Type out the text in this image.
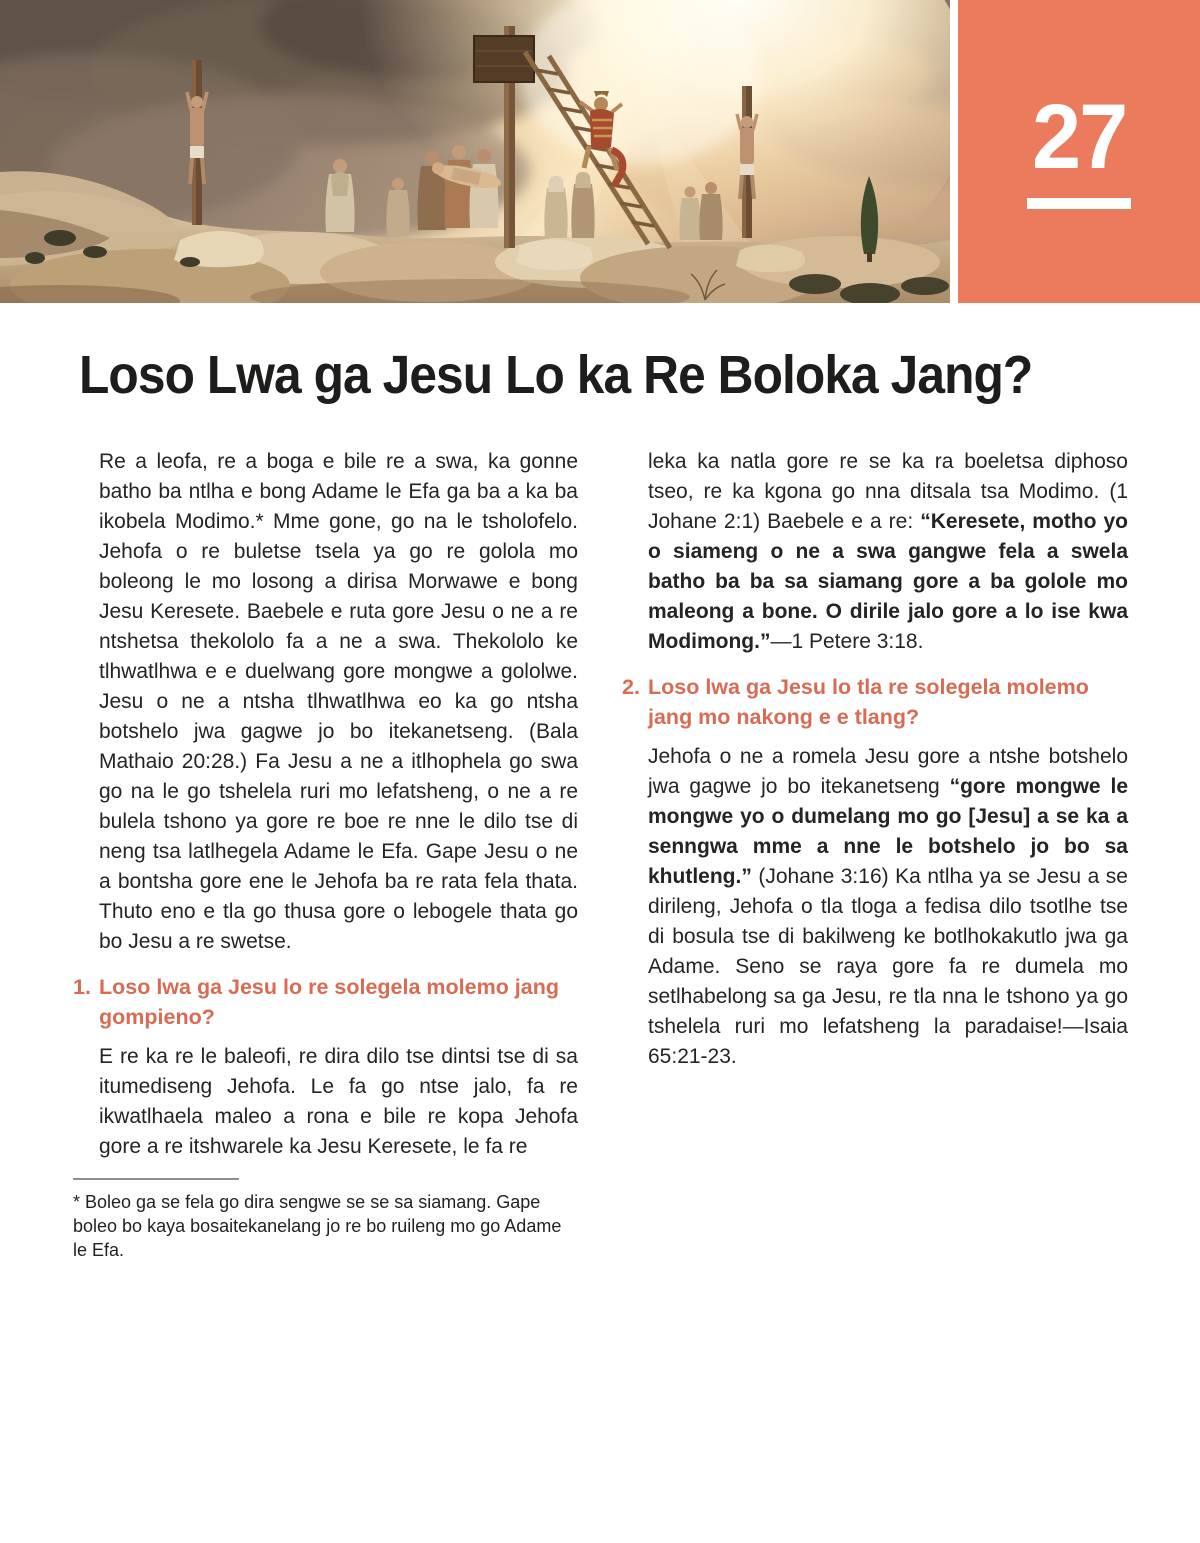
27
Loso Lwa ga Jesu Lo ka Re Boloka Jang?

Re a leofa, re a boga e bile re a swa, ka gonne batho ba ntlha e bong Adame le Efa ga ba a ka ba ikobela Modimo.* Mme gone, go na le tsholofelo. Jehofa o re buletse tsela ya go re golola mo boleong le mo losong a dirisa Morwawe e bong Jesu Keresete. Baebele e ruta gore Jesu o ne a re ntshetsa thekololo fa a ne a swa. Thekololo ke tlhwatlhwa e e duelwang gore mongwe a gololwe. Jesu o ne a ntsha tlhwatlhwa eo ka go ntsha botshelo jwa gagwe jo bo itekanetseng. (Bala Mathaio 20:28.) Fa Jesu a ne a itlhophela go swa go na le go tshelela ruri mo lefatsheng, o ne a re bulela tshono ya gore re boe re nne le dilo tse di neng tsa latlhegela Adame le Efa. Gape Jesu o ne a bontsha gore ene le Jehofa ba re rata fela thata. Thuto eno e tla go thusa gore o lebogele thata go bo Jesu a re swetse.

1. Loso lwa ga Jesu lo re solegela molemo jang gompieno?

E re ka re le baleofi, re dira dilo tse dintsi tse di sa itumediseng Jehofa. Le fa go ntse jalo, fa re ikwatlhaela maleo a rona e bile re kopa Jehofa gore a re itshwarele ka Jesu Keresete, le fa re

* Boleo ga se fela go dira sengwe se se sa siamang. Gape boleo bo kaya bosaitekanelang jo re bo ruileng mo go Adame le Efa.

leka ka natla gore re se ka ra boeletsa diphoso tseo, re ka kgona go nna ditsala tsa Modimo. (1 Johane 2:1) Baebele e a re: “Keresete, motho yo o siameng o ne a swa gangwe fela a swela batho ba ba sa siamang gore a ba golole mo maleong a bone. O dirile jalo gore a lo ise kwa Modimong.”—1 Petere 3:18.

2. Loso lwa ga Jesu lo tla re solegela molemo jang mo nakong e e tlang?

Jehofa o ne a romela Jesu gore a ntshe botshelo jwa gagwe jo bo itekanetseng “gore mongwe le mongwe yo o dumelang mo go [Jesu] a se ka a senngwa mme a nne le botshelo jo bo sa khutleng.” (Johane 3:16) Ka ntlha ya se Jesu a se dirileng, Jehofa o tla tloga a fedisa dilo tsotlhe tse di bosula tse di bakilweng ke botlhokakutlo jwa ga Adame. Seno se raya gore fa re dumela mo setlhabelong sa ga Jesu, re tla nna le tshono ya go tshelela ruri mo lefatsheng la paradaise!—Isaia 65:21-23.
